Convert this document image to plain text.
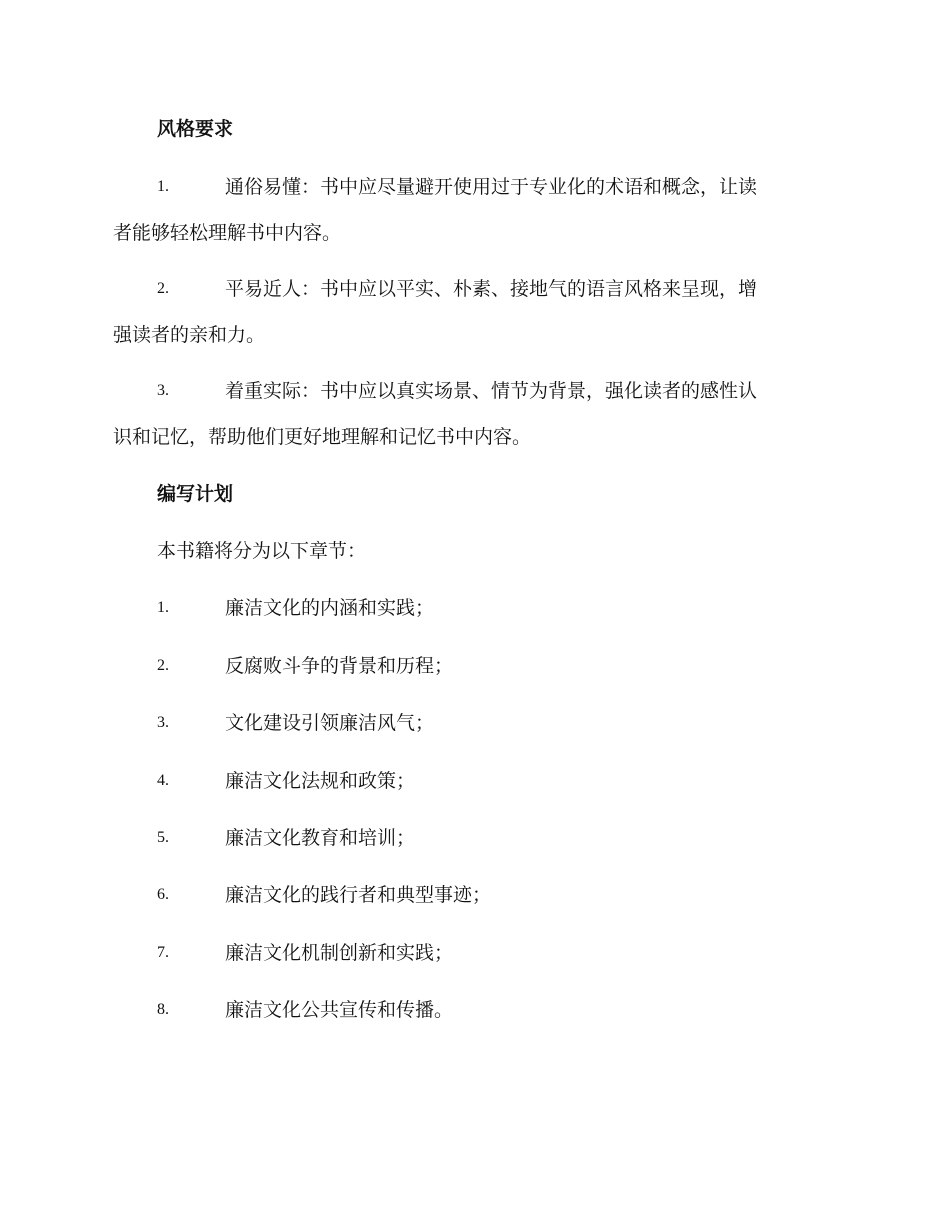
风格要求
1.	通俗易懂：书中应尽量避开使用过于专业化的术语和概念，让读
者能够轻松理解书中内容。
2.	平易近人：书中应以平实、朴素、接地气的语言风格来呈现，增
强读者的亲和力。
3.	着重实际：书中应以真实场景、情节为背景，强化读者的感性认
识和记忆，帮助他们更好地理解和记忆书中内容。
编写计划
本书籍将分为以下章节：
1.	廉洁文化的内涵和实践；
2.	反腐败斗争的背景和历程；
3.	文化建设引领廉洁风气；
4.	廉洁文化法规和政策；
5.	廉洁文化教育和培训；
6.	廉洁文化的践行者和典型事迹；
7.	廉洁文化机制创新和实践；
8.	廉洁文化公共宣传和传播。
